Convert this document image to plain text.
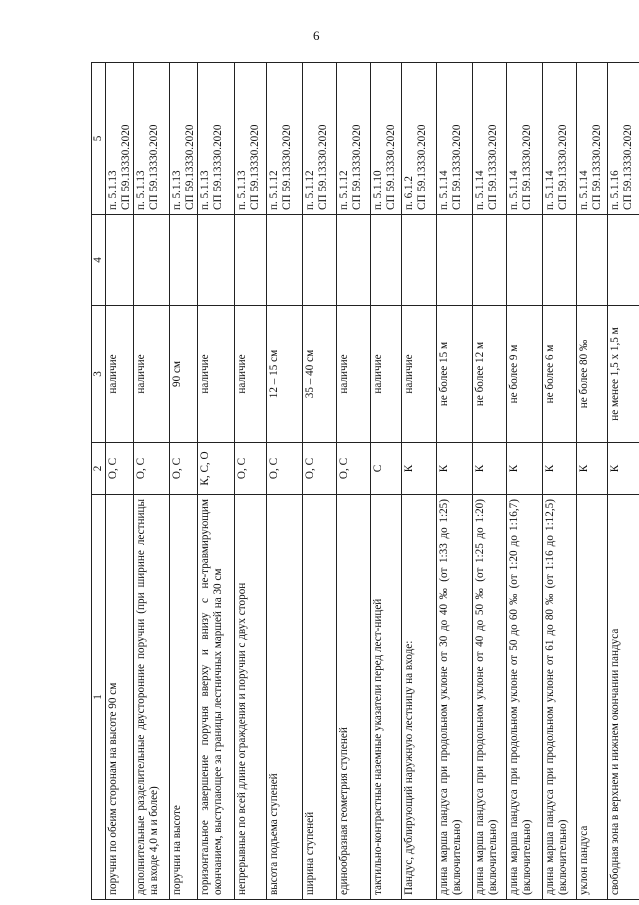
6
1	2	3	4	5
поручни по обеим сторонам на высоте 90 см	О, С	наличие		п. 5.1.13 СП 59.13330.2020

дополнительные разделительные двусторонние поручни (при ширине лестницы на входе 4,0 м и более)	О, С	наличие		п. 5.1.13 СП 59.13330.2020

поручни на высоте	О, С	90 см		п. 5.1.13 СП 59.13330.2020

горизонтальное завершение поручня вверху и внизу с не-травмирующим окончанием, выступающее за границы лестничных маршей на 30 см	К, С, О	наличие		п. 5.1.13 СП 59.13330.2020

непрерывные по всей длине ограждения и поручни с двух сторон	О, С	наличие		п. 5.1.13 СП 59.13330.2020

высота подъема ступеней	О, С	12 – 15 см		п. 5.1.12 СП 59.13330.2020

ширина ступеней	О, С	35 – 40 см		п. 5.1.12 СП 59.13330.2020

единообразная геометрия ступеней	О, С	наличие		п. 5.1.12 СП 59.13330.2020

тактильно-контрастные наземные указатели перед лест-ницей	С	наличие		п. 5.1.10 СП 59.13330.2020

Пандус, дублирующий наружную лестницу на входе:	К	наличие		п. 6.1.2 СП 59.13330.2020

длина марша пандуса при продольном уклоне от 30 до 40 ‰ (от 1:33 до 1:25) (включительно)	К	не более 15 м		п. 5.1.14 СП 59.13330.2020

длина марша пандуса при продольном уклоне от 40 до 50 ‰ (от 1:25 до 1:20) (включительно)	К	не более 12 м		п. 5.1.14 СП 59.13330.2020

длина марша пандуса при продольном уклоне от 50 до 60 ‰ (от 1:20 до 1:16,7) (включительно)	К	не более 9 м		п. 5.1.14 СП 59.13330.2020

длина марша пандуса при продольном уклоне от 61 до 80 ‰ (от 1:16 до 1:12,5) (включительно)	К	не более 6 м		п. 5.1.14 СП 59.13330.2020

уклон пандуса	К	не более 80 ‰		п. 5.1.14 СП 59.13330.2020

свободная зона в верхнем и нижнем окончании пандуса	К	не менее 1,5 x 1,5 м		п. 5.1.16 СП 59.13330.2020
